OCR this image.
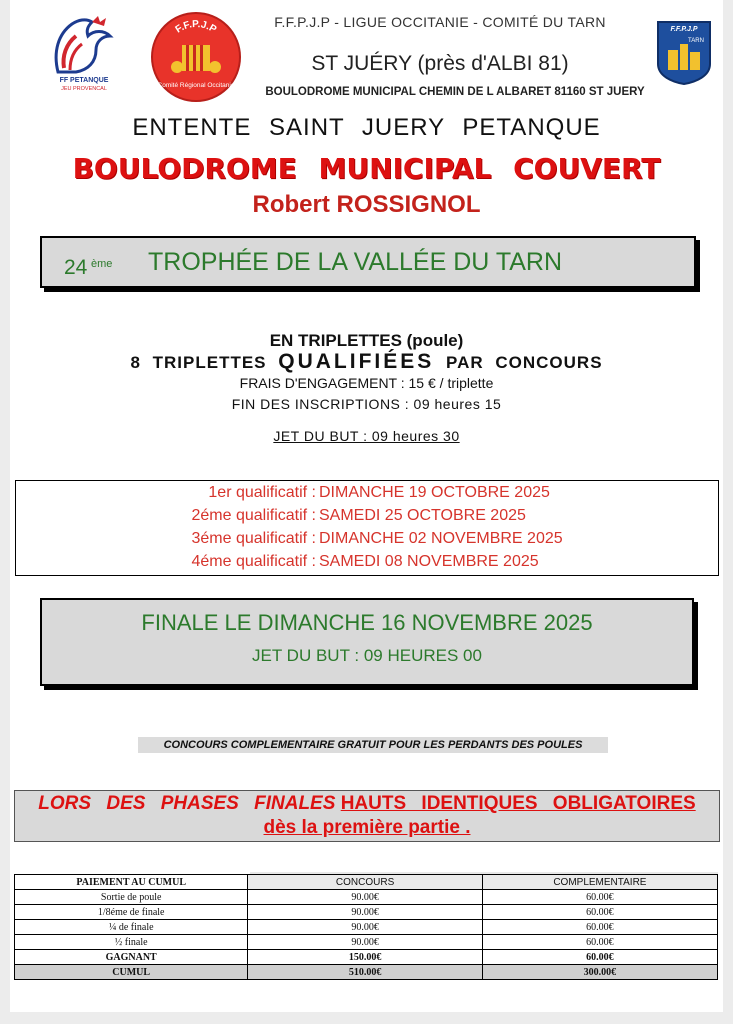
FF PETANQUE
JEU PROVENCAL
F.F.P.J.P
Comité Régional Occitanie
F.F.P.J.P - LIGUE OCCITANIE - COMITÉ DU TARN
ST JUÉRY (près d'ALBI 81)
BOULODROME MUNICIPAL CHEMIN DE L ALBARET 81160 ST JUERY
F.F.P.J.P
TARN
ENTENTE SAINT JUERY PETANQUE
BOULODROME MUNICIPAL COUVERT
Robert ROSSIGNOL
24 ème TROPHÉE DE LA VALLÉE DU TARN
EN TRIPLETTES (poule)
8 TRIPLETTES QUALIFIÉES PAR CONCOURS
FRAIS D'ENGAGEMENT : 15 € / triplette
FIN DES INSCRIPTIONS : 09 heures 15
JET DU BUT : 09 heures 30
1er qualificatif : DIMANCHE 19 OCTOBRE 2025
2éme qualificatif : SAMEDI 25 OCTOBRE 2025
3éme qualificatif : DIMANCHE 02 NOVEMBRE 2025
4éme qualificatif : SAMEDI 08 NOVEMBRE 2025
FINALE LE DIMANCHE 16 NOVEMBRE 2025
JET DU BUT : 09 HEURES 00
CONCOURS COMPLEMENTAIRE GRATUIT POUR LES PERDANTS DES POULES
LORS DES PHASES FINALES HAUTS IDENTIQUES OBLIGATOIRES
dès la première partie .
PAIEMENT AU CUMUL	CONCOURS	COMPLEMENTAIRE
Sortie de poule	90.00€	60.00€
1/8éme de finale	90.00€	60.00€
¼ de finale	90.00€	60.00€
½ finale	90.00€	60.00€
GAGNANT	150.00€	60.00€
CUMUL	510.00€	300.00€
